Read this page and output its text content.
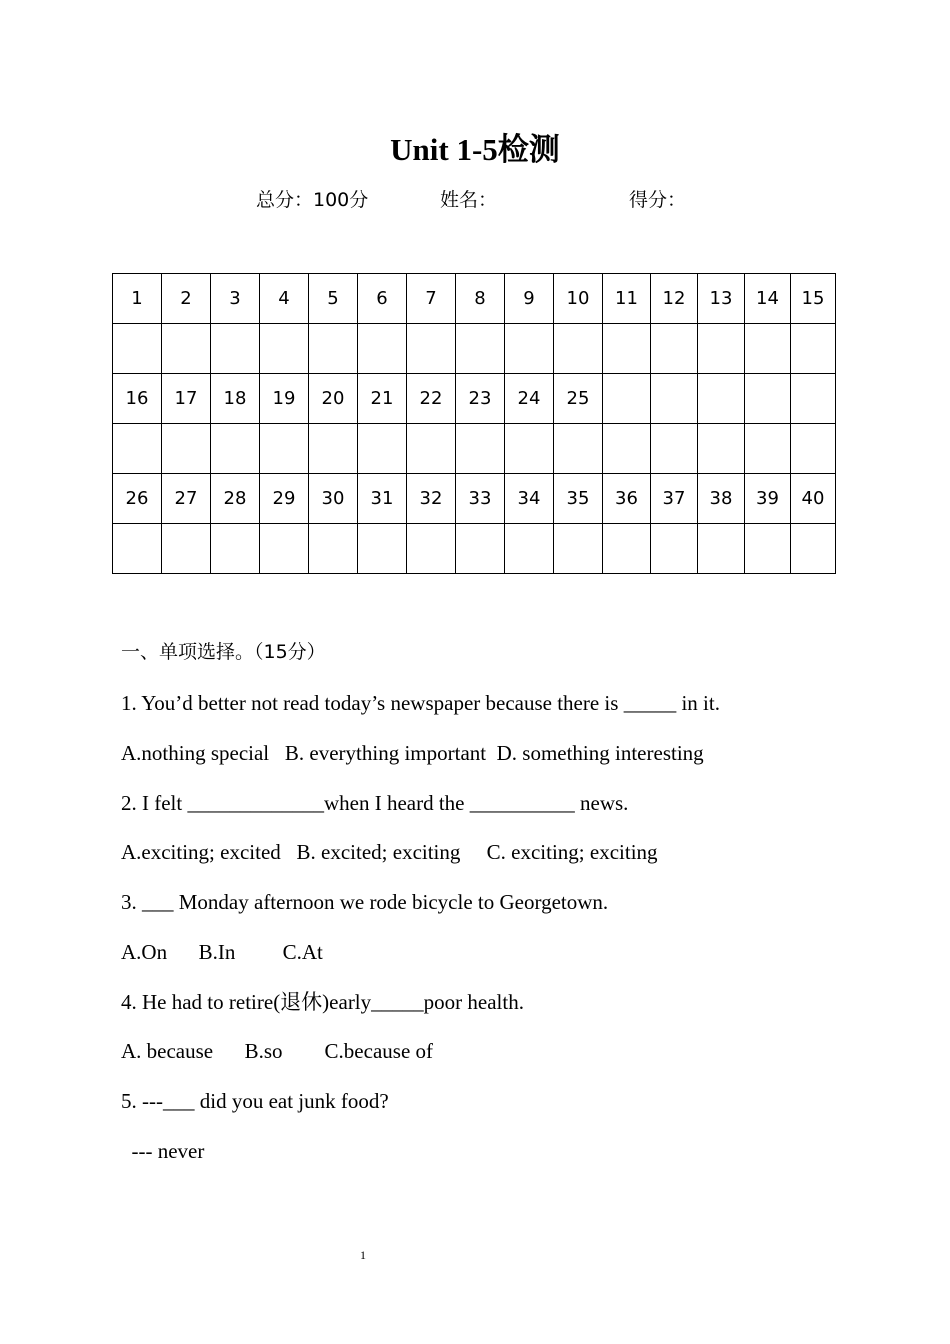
Unit 1-5检测
总分：100分	姓名：	得分：
1	2	3	4	5	6	7	8	9	10	11	12	13	14	15

16	17	18	19	20	21	22	23	24	25					

26	27	28	29	30	31	32	33	34	35	36	37	38	39	40

一、单项选择。（15分）
1. You’d better not read today’s newspaper because there is _____ in it.
A.nothing special   B. everything important  D. something interesting
2. I felt _____________when I heard the __________ news.
A.exciting; excited   B. excited; exciting     C. exciting; exciting
3. ___ Monday afternoon we rode bicycle to Georgetown.
A.On      B.In         C.At
4. He had to retire(退休)early_____poor health.
A. because      B.so        C.because of
5. ---___ did you eat junk food?
--- never
1
